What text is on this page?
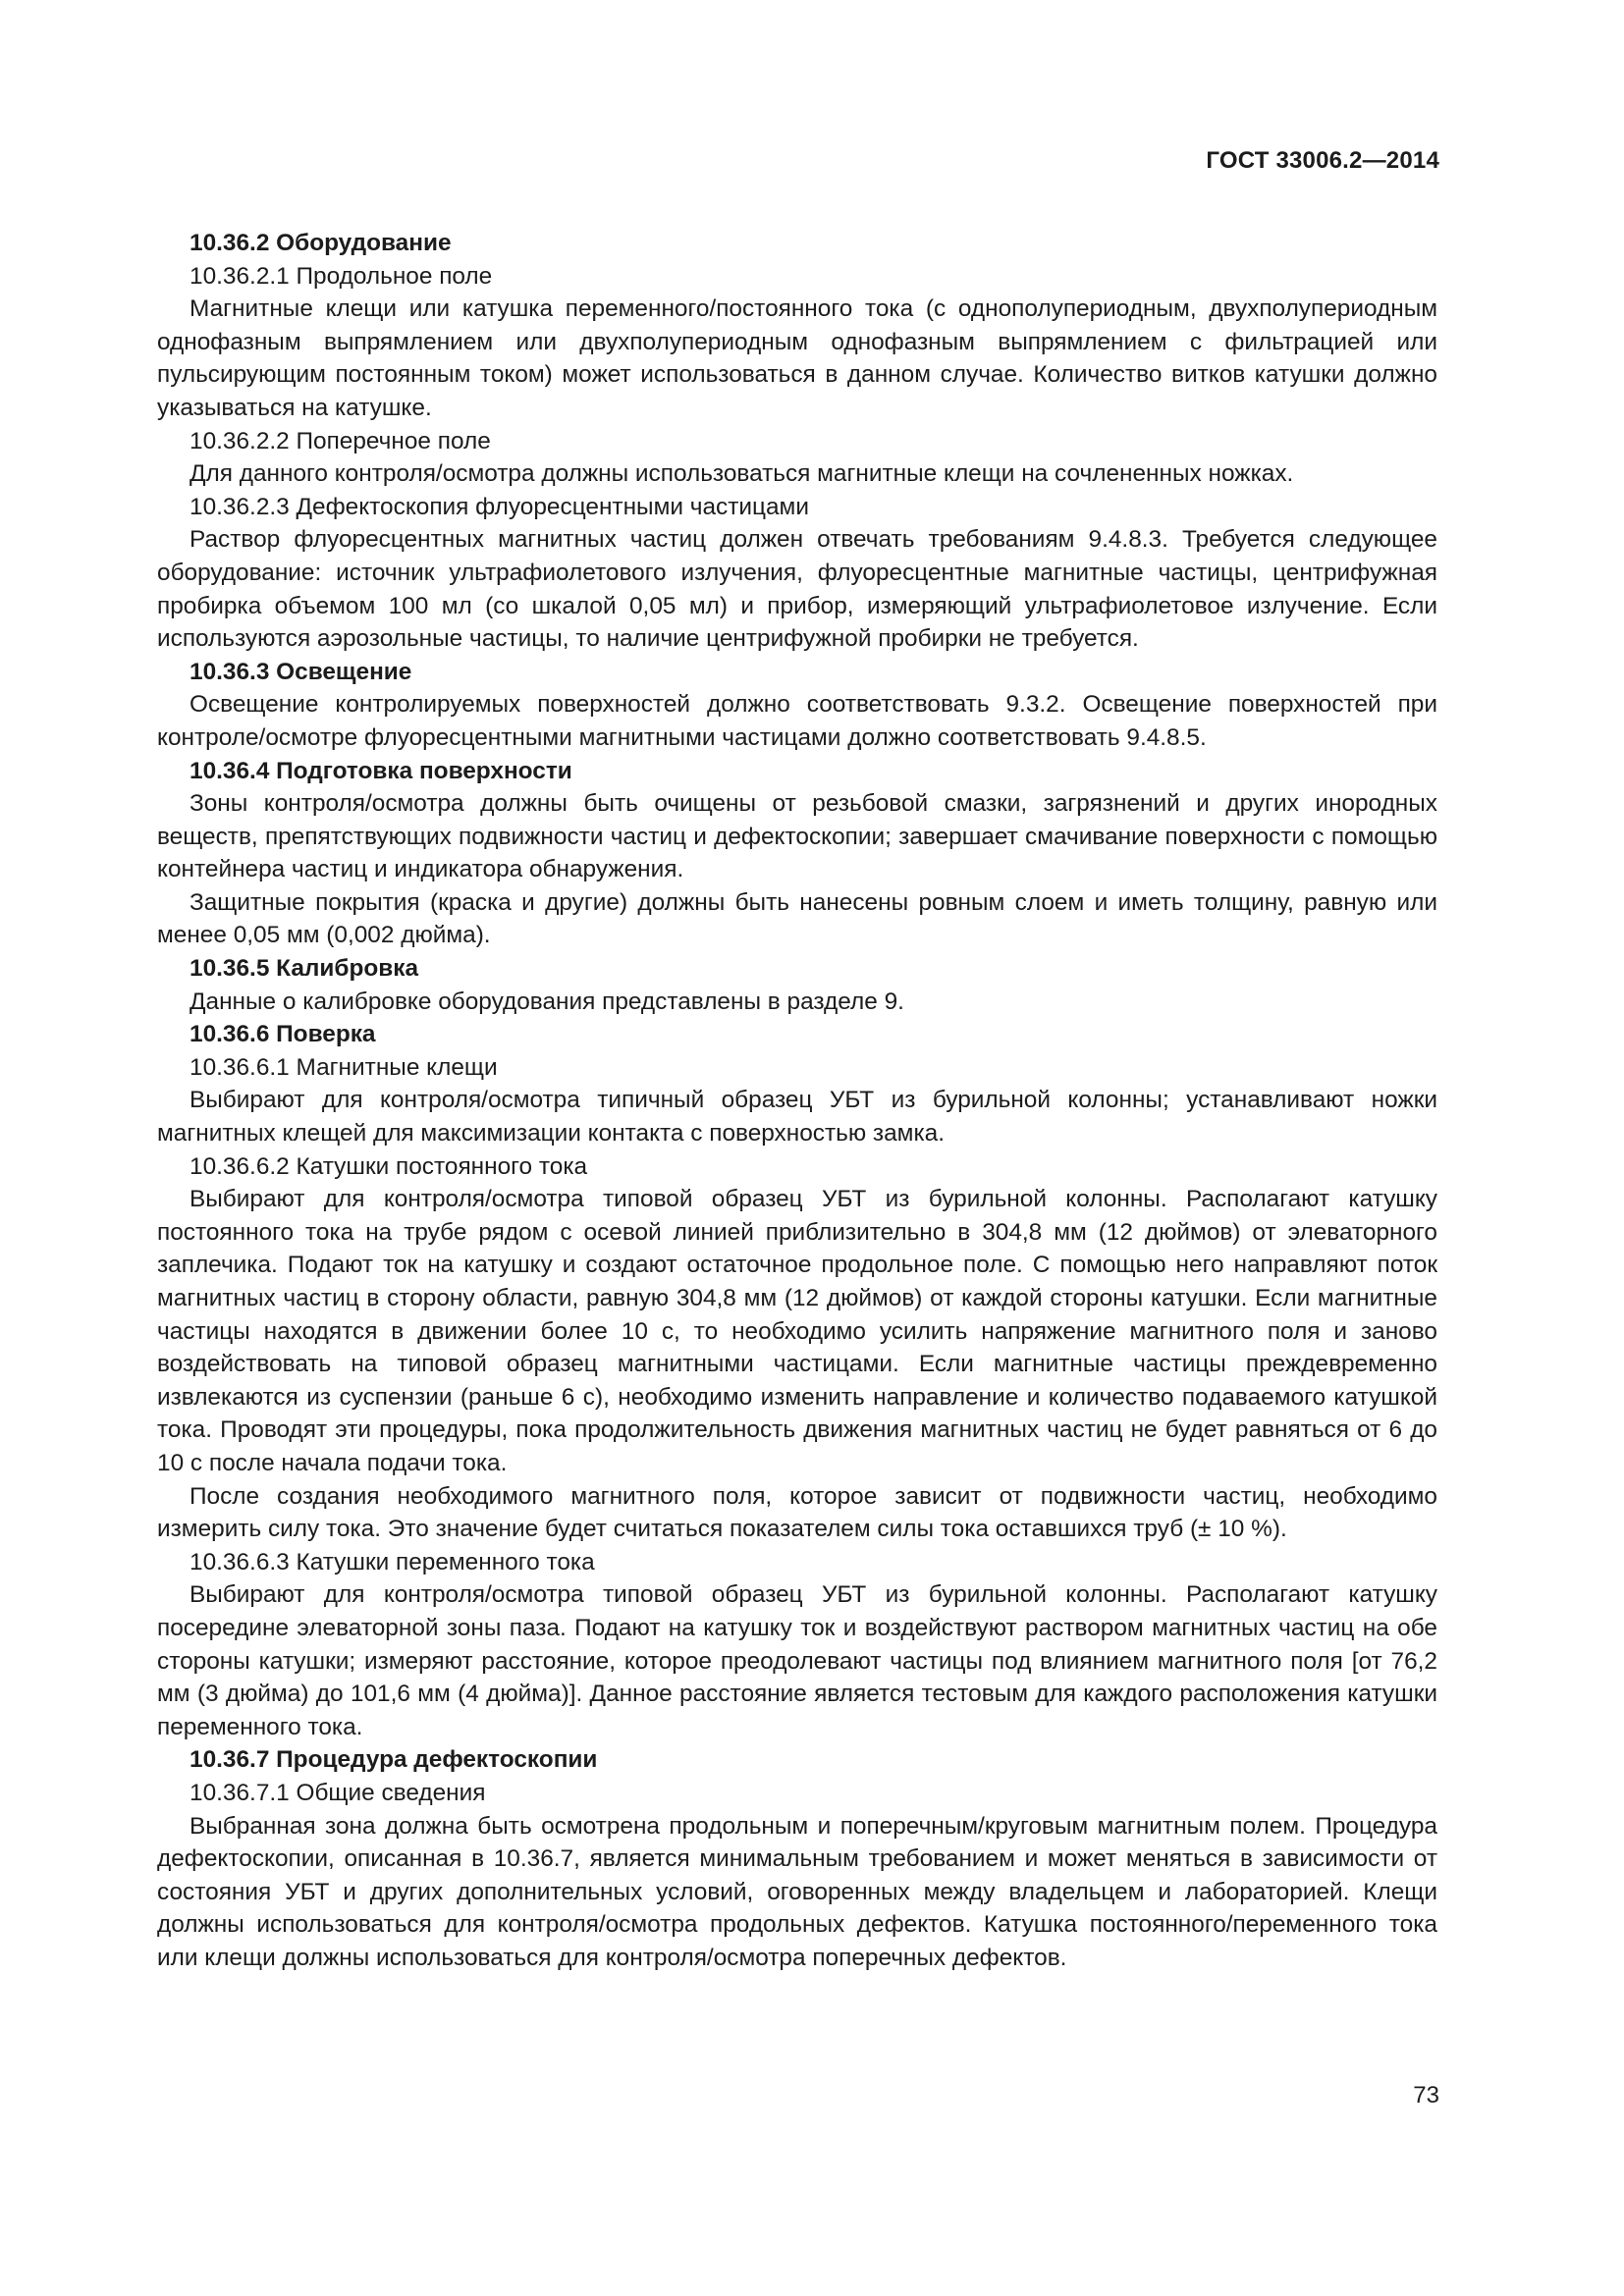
ГОСТ 33006.2—2014

10.36.2 Оборудование

10.36.2.1 Продольное поле

Магнитные клещи или катушка переменного/постоянного тока (с однополупериодным, двухполупериодным однофазным выпрямлением или двухполупериодным однофазным выпрямлением с фильтрацией или пульсирующим постоянным током) может использоваться в данном случае. Количество витков катушки должно указываться на катушке.

10.36.2.2 Поперечное поле

Для данного контроля/осмотра должны использоваться магнитные клещи на сочлененных ножках.

10.36.2.3 Дефектоскопия флуоресцентными частицами

Раствор флуоресцентных магнитных частиц должен отвечать требованиям 9.4.8.3. Требуется следующее оборудование: источник ультрафиолетового излучения, флуоресцентные магнитные частицы, центрифужная пробирка объемом 100 мл (со шкалой 0,05 мл) и прибор, измеряющий ультрафиолетовое излучение. Если используются аэрозольные частицы, то наличие центрифужной пробирки не требуется.

10.36.3 Освещение

Освещение контролируемых поверхностей должно соответствовать 9.3.2. Освещение поверхностей при контроле/осмотре флуоресцентными магнитными частицами должно соответствовать 9.4.8.5.

10.36.4 Подготовка поверхности

Зоны контроля/осмотра должны быть очищены от резьбовой смазки, загрязнений и других инородных веществ, препятствующих подвижности частиц и дефектоскопии; завершает смачивание поверхности с помощью контейнера частиц и индикатора обнаружения.

Защитные покрытия (краска и другие) должны быть нанесены ровным слоем и иметь толщину, равную или менее 0,05 мм (0,002 дюйма).

10.36.5 Калибровка

Данные о калибровке оборудования представлены в разделе 9.

10.36.6 Поверка

10.36.6.1 Магнитные клещи

Выбирают для контроля/осмотра типичный образец УБТ из бурильной колонны; устанавливают ножки магнитных клещей для максимизации контакта с поверхностью замка.

10.36.6.2 Катушки постоянного тока

Выбирают для контроля/осмотра типовой образец УБТ из бурильной колонны. Располагают катушку постоянного тока на трубе рядом с осевой линией приблизительно в 304,8 мм (12 дюймов) от элеваторного заплечика. Подают ток на катушку и создают остаточное продольное поле. С помощью него направляют поток магнитных частиц в сторону области, равную 304,8 мм (12 дюймов) от каждой стороны катушки. Если магнитные частицы находятся в движении более 10 с, то необходимо усилить напряжение магнитного поля и заново воздействовать на типовой образец магнитными частицами. Если магнитные частицы преждевременно извлекаются из суспензии (раньше 6 с), необходимо изменить направление и количество подаваемого катушкой тока. Проводят эти процедуры, пока продолжительность движения магнитных частиц не будет равняться от 6 до 10 с после начала подачи тока.

После создания необходимого магнитного поля, которое зависит от подвижности частиц, необходимо измерить силу тока. Это значение будет считаться показателем силы тока оставшихся труб (± 10 %).

10.36.6.3 Катушки переменного тока

Выбирают для контроля/осмотра типовой образец УБТ из бурильной колонны. Располагают катушку посередине элеваторной зоны паза. Подают на катушку ток и воздействуют раствором магнитных частиц на обе стороны катушки; измеряют расстояние, которое преодолевают частицы под влиянием магнитного поля [от 76,2 мм (3 дюйма) до 101,6 мм (4 дюйма)]. Данное расстояние является тестовым для каждого расположения катушки переменного тока.

10.36.7 Процедура дефектоскопии

10.36.7.1 Общие сведения

Выбранная зона должна быть осмотрена продольным и поперечным/круговым магнитным полем. Процедура дефектоскопии, описанная в 10.36.7, является минимальным требованием и может меняться в зависимости от состояния УБТ и других дополнительных условий, оговоренных между владельцем и лабораторией. Клещи должны использоваться для контроля/осмотра продольных дефектов. Катушка постоянного/переменного тока или клещи должны использоваться для контроля/осмотра поперечных дефектов.

73
